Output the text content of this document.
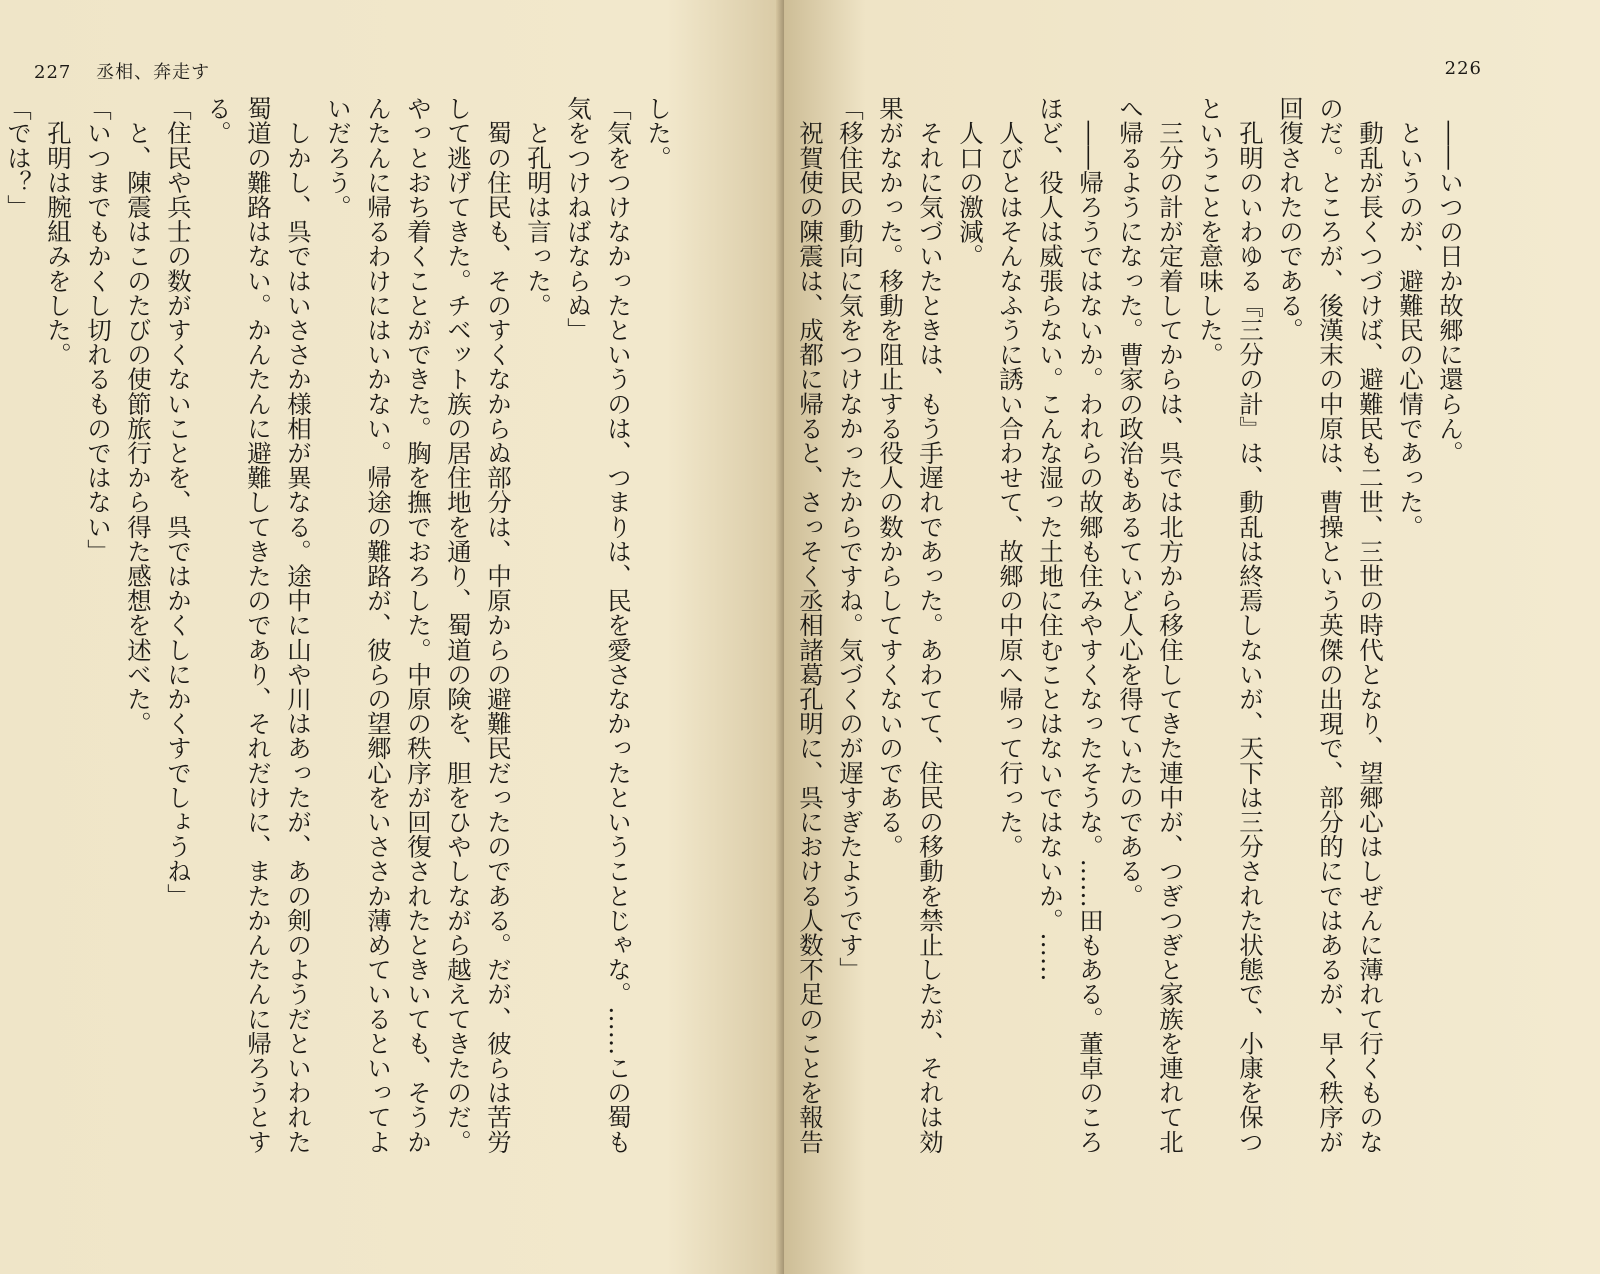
227 丞相、奔走す
した。
「気をつけなかったというのは、つまりは、民を愛さなかったということじゃな。……この蜀も
気をつけねばならぬ」
　と孔明は言った。
　蜀の住民も、そのすくなからぬ部分は、中原からの避難民だったのである。だが、彼らは苦労
して逃げてきた。チベット族の居住地を通り、蜀道の険を、胆をひやしながら越えてきたのだ。
やっとおち着くことができた。胸を撫でおろした。中原の秩序が回復されたときいても、そうか
んたんに帰るわけにはいかない。帰途の難路が、彼らの望郷心をいささか薄めているといってよ
いだろう。
　しかし、呉ではいささか様相が異なる。途中に山や川はあったが、あの剣のようだといわれた
蜀道の難路はない。かんたんに避難してきたのであり、それだけに、またかんたんに帰ろうとす
る。
「住民や兵士の数がすくないことを、呉ではかくしにかくすでしょうね」
　と、陳震はこのたびの使節旅行から得た感想を述べた。
「いつまでもかくし切れるものではない」
　孔明は腕組みをした。
「では？」
226
　――いつの日か故郷に還らん。
　というのが、避難民の心情であった。
　動乱が長くつづけば、避難民も二世、三世の時代となり、望郷心はしぜんに薄れて行くものな
のだ。ところが、後漢末の中原は、曹操という英傑の出現で、部分的にではあるが、早く秩序が
回復されたのである。
　孔明のいわゆる『三分の計』は、動乱は終焉しないが、天下は三分された状態で、小康を保つ
ということを意味した。
　三分の計が定着してからは、呉では北方から移住してきた連中が、つぎつぎと家族を連れて北
へ帰るようになった。曹家の政治もあるていど人心を得ていたのである。
　――帰ろうではないか。われらの故郷も住みやすくなったそうな。……田もある。董卓のころ
ほど、役人は威張らない。こんな湿った土地に住むことはないではないか。……
　人びとはそんなふうに誘い合わせて、故郷の中原へ帰って行った。
　人口の激減。
　それに気づいたときは、もう手遅れであった。あわてて、住民の移動を禁止したが、それは効
果がなかった。移動を阻止する役人の数からしてすくないのである。
「移住民の動向に気をつけなかったからですね。気づくのが遅すぎたようです」
　祝賀使の陳震は、成都に帰ると、さっそく丞相諸葛孔明に、呉における人数不足のことを報告
